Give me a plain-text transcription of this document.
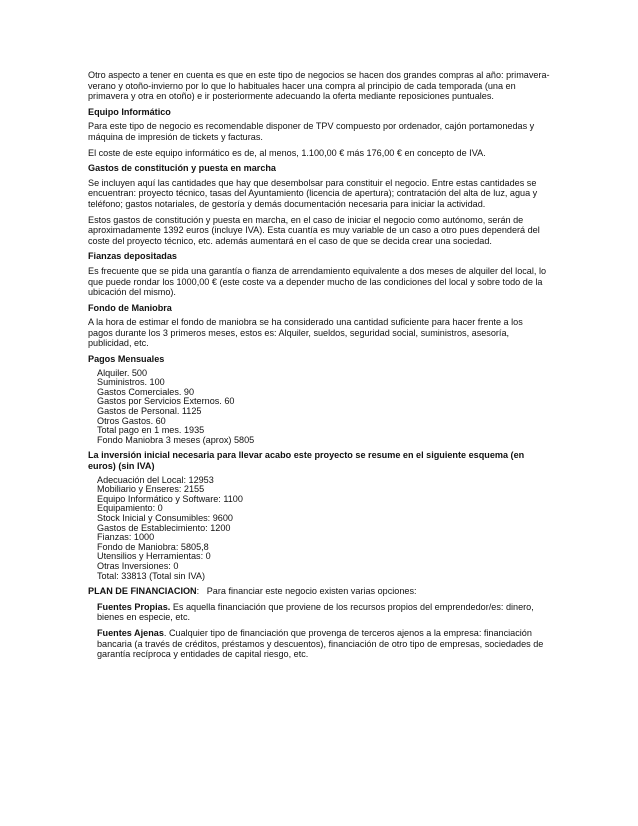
Otro aspecto a tener en cuenta es que en este tipo de negocios se hacen dos grandes compras al año: primavera-verano y otoño-invierno por lo que lo habituales hacer una compra al principio de cada temporada (una en primavera y otra en otoño) e ir posteriormente adecuando la oferta mediante reposiciones puntuales.

Equipo Informático

Para este tipo de negocio es recomendable disponer de TPV compuesto por ordenador, cajón portamonedas y máquina de impresión de tickets y facturas.

El coste de este equipo informático es de, al menos, 1.100,00 € más 176,00 € en concepto de IVA.

Gastos de constitución y puesta en marcha

Se incluyen aquí las cantidades que hay que desembolsar para constituir el negocio. Entre estas cantidades se encuentran: proyecto técnico, tasas del Ayuntamiento (licencia de apertura); contratación del alta de luz, agua y teléfono; gastos notariales, de gestoría y demás documentación necesaria para iniciar la actividad.

Estos gastos de constitución y puesta en marcha, en el caso de iniciar el negocio como autónomo, serán de aproximadamente 1392 euros (incluye IVA). Esta cuantía es muy variable de un caso a otro pues dependerá del coste del proyecto técnico, etc. además aumentará en el caso de que se decida crear una sociedad.

Fianzas depositadas

Es frecuente que se pida una garantía o fianza de arrendamiento equivalente a dos meses de alquiler del local, lo que puede rondar los 1000,00 € (este coste va a depender mucho de las condiciones del local y sobre todo de la ubicación del mismo).

Fondo de Maniobra

A la hora de estimar el fondo de maniobra se ha considerado una cantidad suficiente para hacer frente a los pagos durante los 3 primeros meses, estos es: Alquiler, sueldos, seguridad social, suministros, asesoría, publicidad, etc.

Pagos Mensuales
Alquiler. 500
Suministros. 100
Gastos Comerciales. 90
Gastos por Servicios Externos. 60
Gastos de Personal. 1125
Otros Gastos. 60
Total pago en 1 mes. 1935
Fondo Maniobra 3 meses (aprox) 5805
La inversión inicial necesaria para llevar acabo este proyecto se resume en el siguiente esquema (en euros) (sin IVA)
Adecuación del Local: 12953
Mobiliario y Enseres: 2155
Equipo Informático y Software: 1100
Equipamiento: 0
Stock Inicial y Consumibles: 9600
Gastos de Establecimiento: 1200
Fianzas: 1000
Fondo de Maniobra: 5805,8
Utensilios y Herramientas: 0
Otras Inversiones: 0
Total: 33813 (Total sin IVA)

PLAN DE FINANCIACION:   Para financiar este negocio existen varias opciones:

Fuentes Propias. Es aquella financiación que proviene de los recursos propios del emprendedor/es: dinero, bienes en especie, etc.

Fuentes Ajenas. Cualquier tipo de financiación que provenga de terceros ajenos a la empresa: financiación bancaria (a través de créditos, préstamos y descuentos), financiación de otro tipo de empresas, sociedades de garantía recíproca y entidades de capital riesgo, etc.
